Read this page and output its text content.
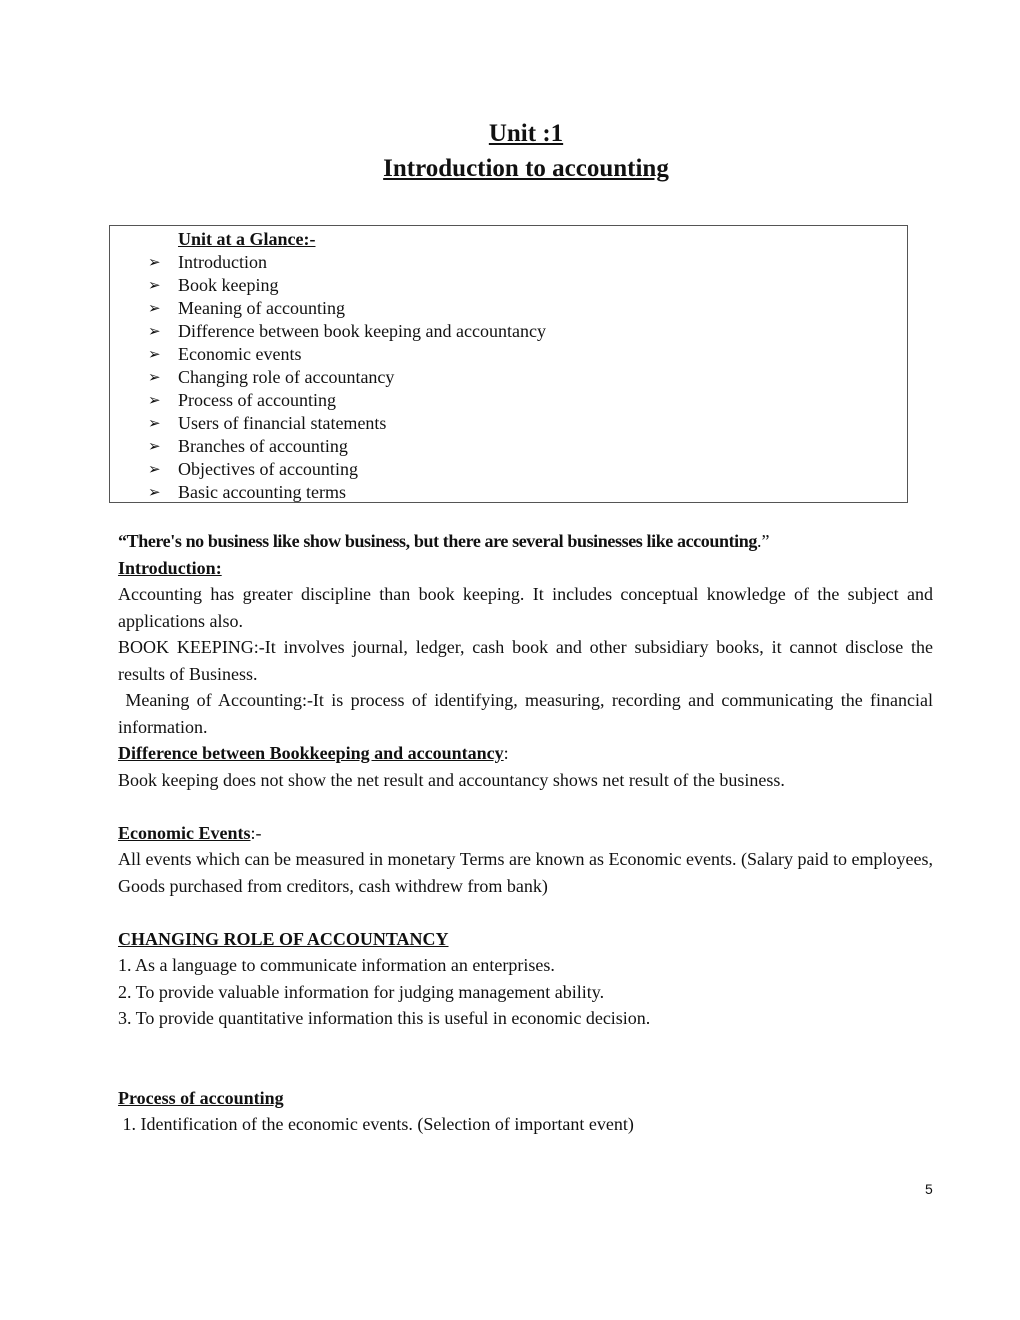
Unit :1
Introduction to accounting
Unit at a Glance:-
➢ Introduction
➢ Book keeping
➢ Meaning of accounting
➢ Difference between book keeping and accountancy
➢ Economic events
➢ Changing role of accountancy
➢ Process of accounting
➢ Users of financial statements
➢ Branches of accounting
➢ Objectives of accounting
➢ Basic accounting terms

“There's no business like show business, but there are several businesses like accounting.”

Introduction:

Accounting has greater discipline than book keeping. It includes conceptual knowledge of the subject and applications also.

BOOK KEEPING:-It involves journal, ledger, cash book and other subsidiary books, it cannot disclose the results of Business.

Meaning of Accounting:-It is process of identifying, measuring, recording and communicating the financial information.

Difference between Bookkeeping and accountancy:

Book keeping does not show the net result and accountancy shows net result of the business.

Economic Events:-

All events which can be measured in monetary Terms are known as Economic events. (Salary paid to employees, Goods purchased from creditors, cash withdrew from bank)

CHANGING ROLE OF ACCOUNTANCY

1. As a language to communicate information an enterprises.

2. To provide valuable information for judging management ability.

3. To provide quantitative information this is useful in economic decision.

Process of accounting

1. Identification of the economic events. (Selection of important event)

5
